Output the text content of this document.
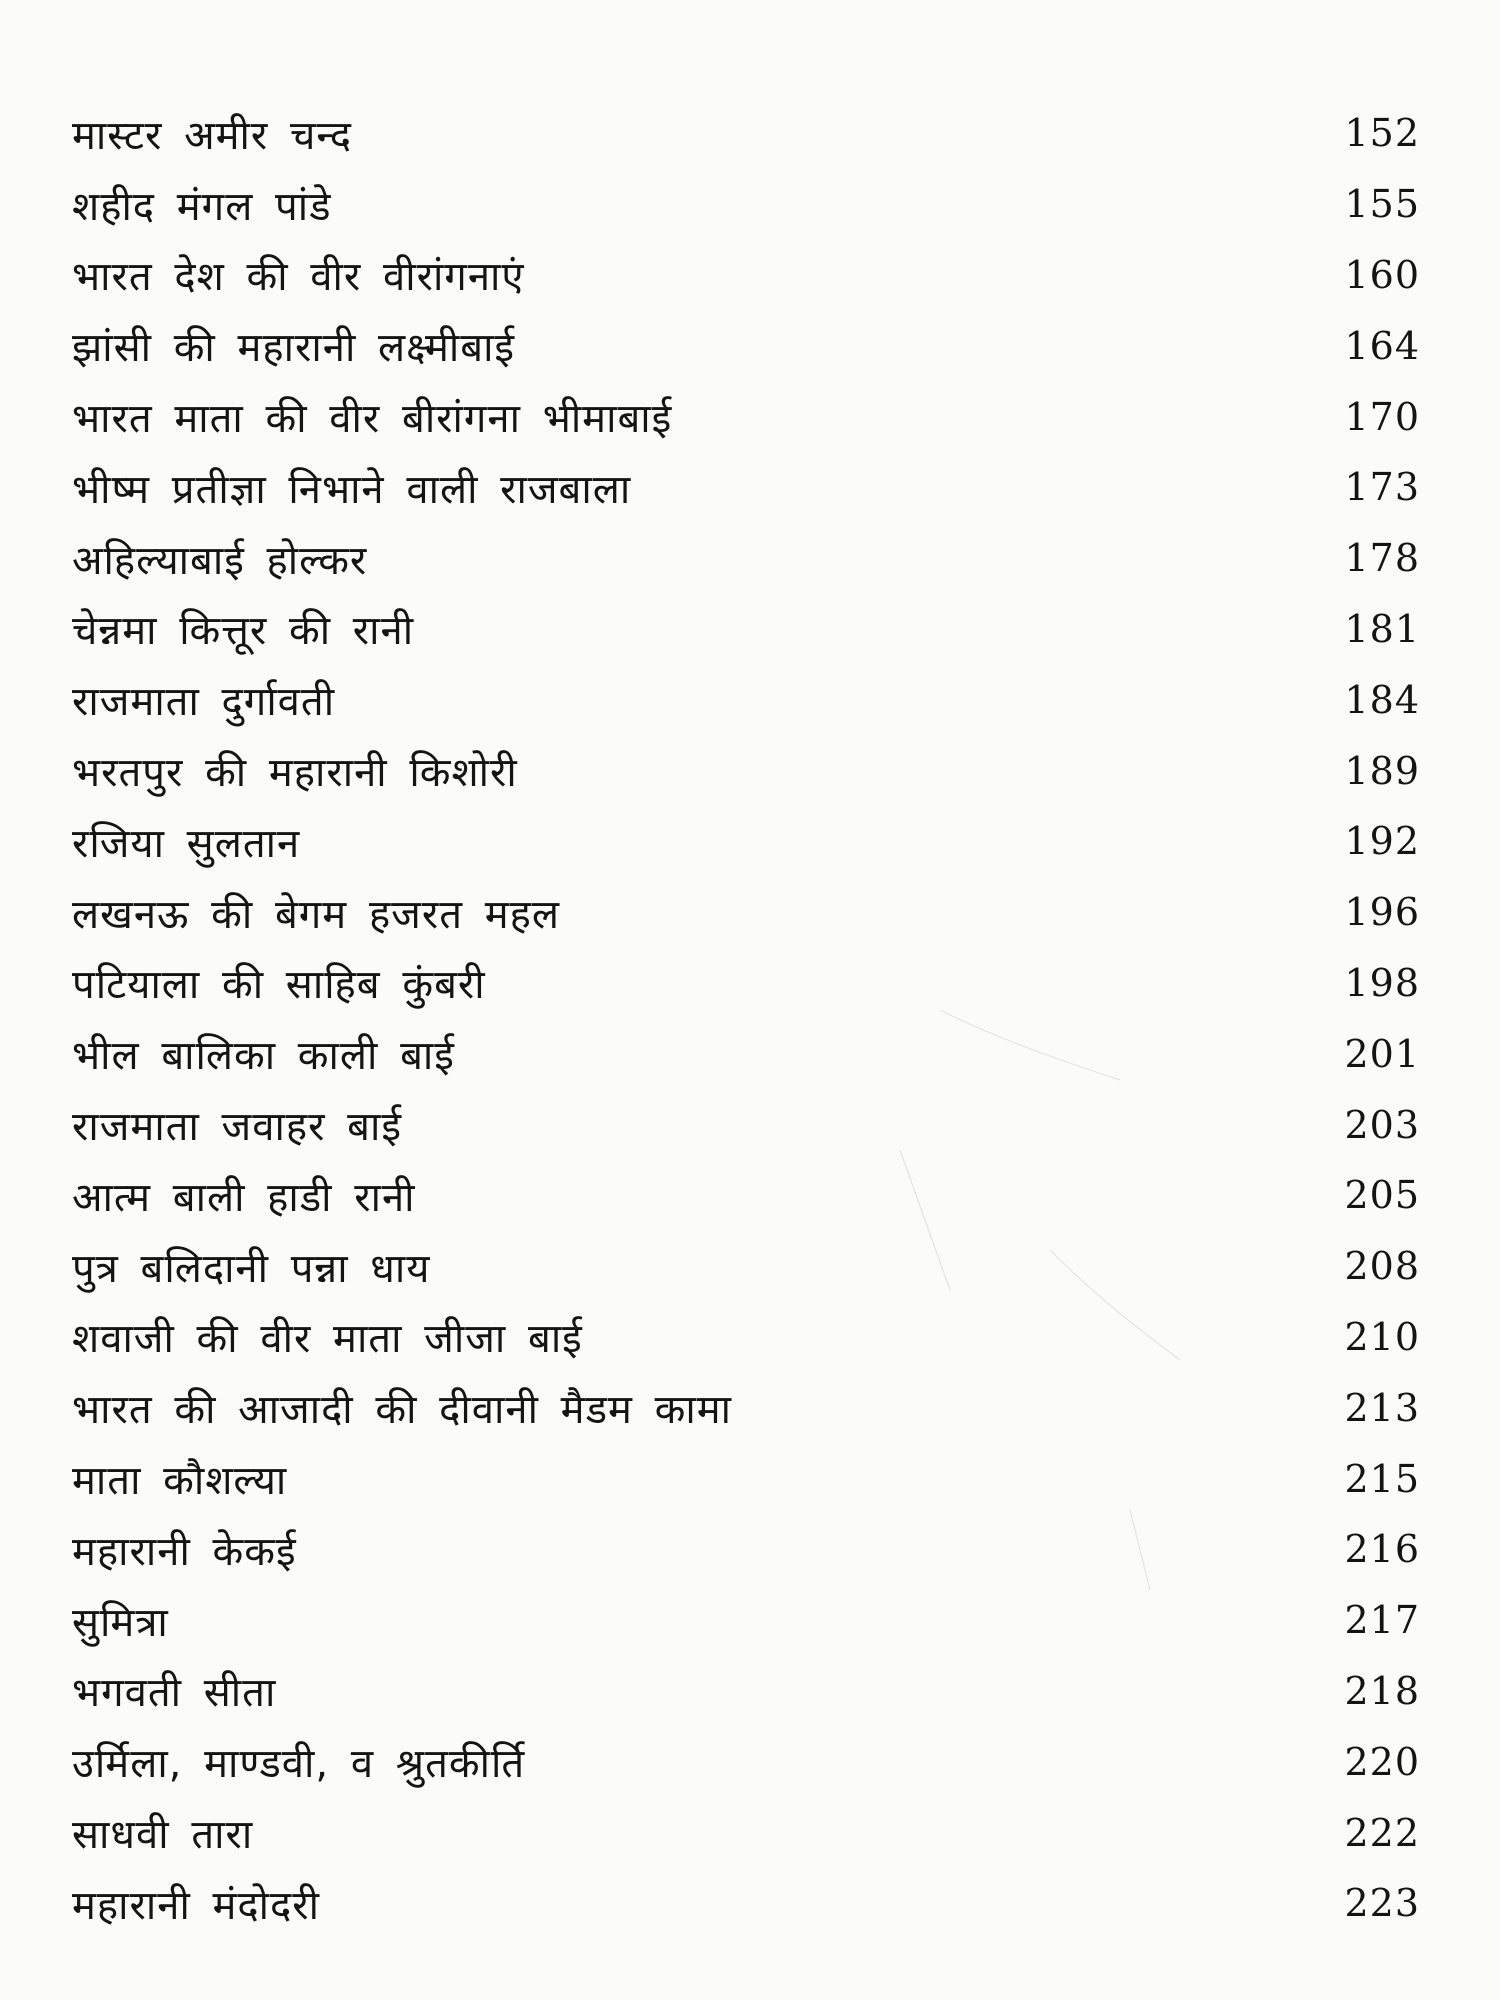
मास्टर अमीर चन्द	152
शहीद मंगल पांडे	155
भारत देश की वीर वीरांगनाएं	160
झांसी की महारानी लक्ष्मीबाई	164
भारत माता की वीर बीरांगना भीमाबाई	170
भीष्म प्रतीज्ञा निभाने वाली राजबाला	173
अहिल्याबाई होल्कर	178
चेन्नमा कित्तूर की रानी	181
राजमाता दुर्गावती	184
भरतपुर की महारानी किशोरी	189
रजिया सुलतान	192
लखनऊ की बेगम हजरत महल	196
पटियाला की साहिब कुंबरी	198
भील बालिका काली बाई	201
राजमाता जवाहर बाई	203
आत्म बाली हाडी रानी	205
पुत्र बलिदानी पन्ना धाय	208
शवाजी की वीर माता जीजा बाई	210
भारत की आजादी की दीवानी मैडम कामा	213
माता कौशल्या	215
महारानी केकई	216
सुमित्रा	217
भगवती सीता	218
उर्मिला, माण्डवी, व श्रुतकीर्ति	220
साधवी तारा	222
महारानी मंदोदरी	223
